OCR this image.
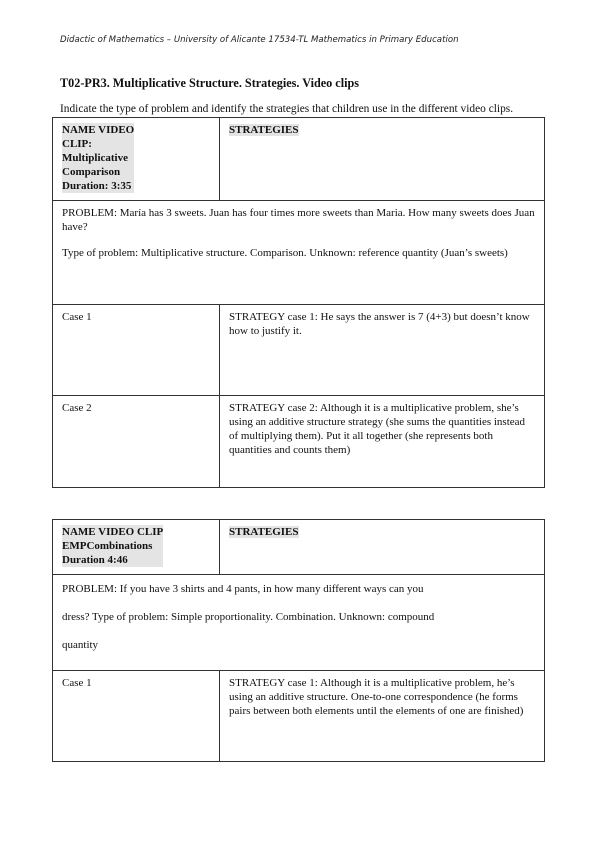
Didactic of Mathematics – University of Alicante 17534-TL Mathematics in Primary Education
T02-PR3. Multiplicative Structure. Strategies. Video clips
Indicate the type of problem and identify the strategies that children use in the different video clips.
NAME VIDEO
CLIP:
Multiplicative
Comparison
Duration: 3:35	STRATEGIES

PROBLEM: María has 3 sweets. Juan has four times more sweets than Maria. How many sweets does Juan have?

Type of problem: Multiplicative structure. Comparison. Unknown: reference quantity (Juan’s sweets)	

Case 1	STRATEGY case 1: He says the answer is 7 (4+3) but doesn’t know how to justify it.
Case 2	STRATEGY case 2: Although it is a multiplicative problem, she’s using an additive structure strategy (she sums the quantities instead of multiplying them). Put it all together (she represents both quantities and counts them)
NAME VIDEO CLIP
EMPCombinations
Duration 4:46	STRATEGIES

PROBLEM: If you have 3 shirts and 4 pants, in how many different ways can you

dress? Type of problem: Simple proportionality. Combination. Unknown: compound

quantity	

Case 1	STRATEGY case 1: Although it is a multiplicative problem, he’s using an additive structure. One-to-one correspondence (he forms pairs between both elements until the elements of one are finished)
